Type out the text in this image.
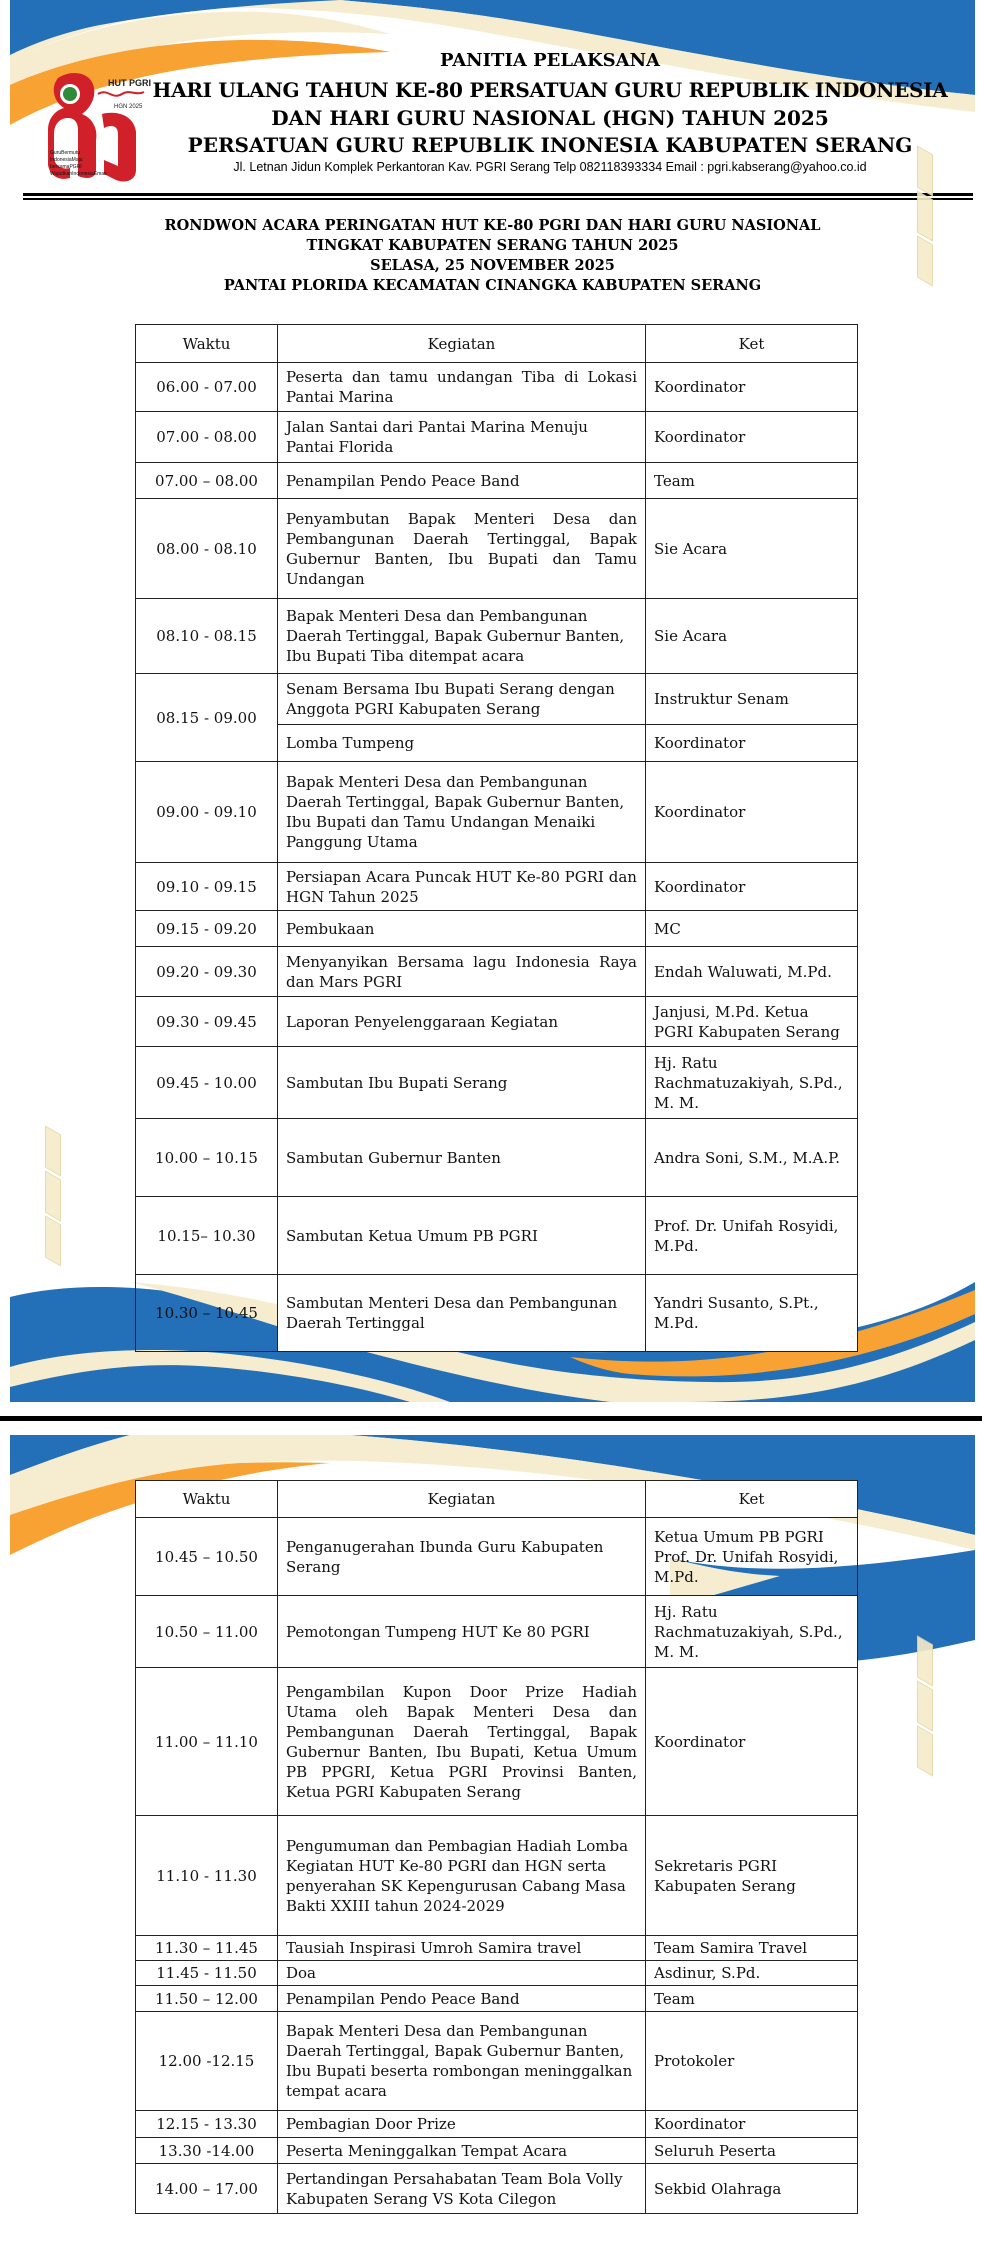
HUT PGRI
HGN 2025
GuruBermutu
IndonesiaMaju
bersamaPGRI
WujudkanIndonesiaEmas
PANITIA PELAKSANA
HARI ULANG TAHUN KE-80 PERSATUAN GURU REPUBLIK INDONESIA
DAN HARI GURU NASIONAL (HGN) TAHUN 2025
PERSATUAN GURU REPUBLIK INONESIA KABUPATEN SERANG
Jl. Letnan Jidun Komplek Perkantoran Kav. PGRI Serang Telp 082118393334 Email : pgri.kabserang@yahoo.co.id
RONDWON ACARA PERINGATAN HUT KE-80 PGRI DAN HARI GURU NASIONAL
TINGKAT KABUPATEN SERANG TAHUN 2025
SELASA, 25 NOVEMBER 2025
PANTAI PLORIDA KECAMATAN CINANGKA KABUPATEN SERANG
Waktu	Kegiatan	Ket
06.00 - 07.00	Peserta dan tamu undangan Tiba di Lokasi Pantai Marina	Koordinator
07.00 - 08.00	Jalan Santai dari Pantai Marina Menuju Pantai Florida	Koordinator
07.00 – 08.00	Penampilan Pendo Peace Band	Team
08.00 - 08.10	Penyambutan Bapak Menteri Desa dan Pembangunan Daerah Tertinggal, Bapak Gubernur Banten, Ibu Bupati dan Tamu Undangan	Sie Acara
08.10 - 08.15	Bapak Menteri Desa dan Pembangunan Daerah Tertinggal, Bapak Gubernur Banten, Ibu Bupati Tiba ditempat acara	Sie Acara
08.15 - 09.00	Senam Bersama Ibu Bupati Serang dengan Anggota PGRI Kabupaten Serang	Instruktur Senam
	Lomba Tumpeng	Koordinator
09.00 - 09.10	Bapak Menteri Desa dan Pembangunan Daerah Tertinggal, Bapak Gubernur Banten, Ibu Bupati dan Tamu Undangan Menaiki Panggung Utama	Koordinator
09.10 - 09.15	Persiapan Acara Puncak HUT Ke-80 PGRI dan HGN Tahun 2025	Koordinator
09.15 - 09.20	Pembukaan	MC
09.20 - 09.30	Menyanyikan Bersama lagu Indonesia Raya dan Mars PGRI	Endah Waluwati, M.Pd.
09.30 - 09.45	Laporan Penyelenggaraan Kegiatan	Janjusi, M.Pd. Ketua PGRI Kabupaten Serang
09.45 - 10.00	Sambutan Ibu Bupati Serang	Hj. Ratu Rachmatuzakiyah, S.Pd., M. M.
10.00 – 10.15	Sambutan Gubernur Banten	Andra Soni, S.M., M.A.P.
10.15– 10.30	Sambutan Ketua Umum PB PGRI	Prof. Dr. Unifah Rosyidi, M.Pd.
10.30 – 10.45	Sambutan Menteri Desa dan Pembangunan Daerah Tertinggal	Yandri Susanto, S.Pt., M.Pd.
Waktu	Kegiatan	Ket
10.45 – 10.50	Penganugerahan Ibunda Guru Kabupaten Serang	Ketua Umum PB PGRI Prof. Dr. Unifah Rosyidi, M.Pd.
10.50 – 11.00	Pemotongan Tumpeng HUT Ke 80 PGRI	Hj. Ratu Rachmatuzakiyah, S.Pd., M. M.
11.00 – 11.10	Pengambilan Kupon Door Prize Hadiah Utama oleh Bapak Menteri Desa dan Pembangunan Daerah Tertinggal, Bapak Gubernur Banten, Ibu Bupati, Ketua Umum PB PPGRI, Ketua PGRI Provinsi Banten, Ketua PGRI Kabupaten Serang	Koordinator
11.10 - 11.30	Pengumuman dan Pembagian Hadiah Lomba Kegiatan HUT Ke-80 PGRI dan HGN serta penyerahan SK Kepengurusan Cabang Masa Bakti XXIII tahun 2024-2029	Sekretaris PGRI Kabupaten Serang
11.30 – 11.45	Tausiah Inspirasi Umroh Samira travel	Team Samira Travel
11.45 - 11.50	Doa	Asdinur, S.Pd.
11.50 – 12.00	Penampilan Pendo Peace Band	Team
12.00 -12.15	Bapak Menteri Desa dan Pembangunan Daerah Tertinggal, Bapak Gubernur Banten, Ibu Bupati beserta rombongan meninggalkan tempat acara	Protokoler
12.15 - 13.30	Pembagian Door Prize	Koordinator
13.30 -14.00	Peserta Meninggalkan Tempat Acara	Seluruh Peserta
14.00 – 17.00	Pertandingan Persahabatan Team Bola Volly Kabupaten Serang VS Kota Cilegon	Sekbid Olahraga
